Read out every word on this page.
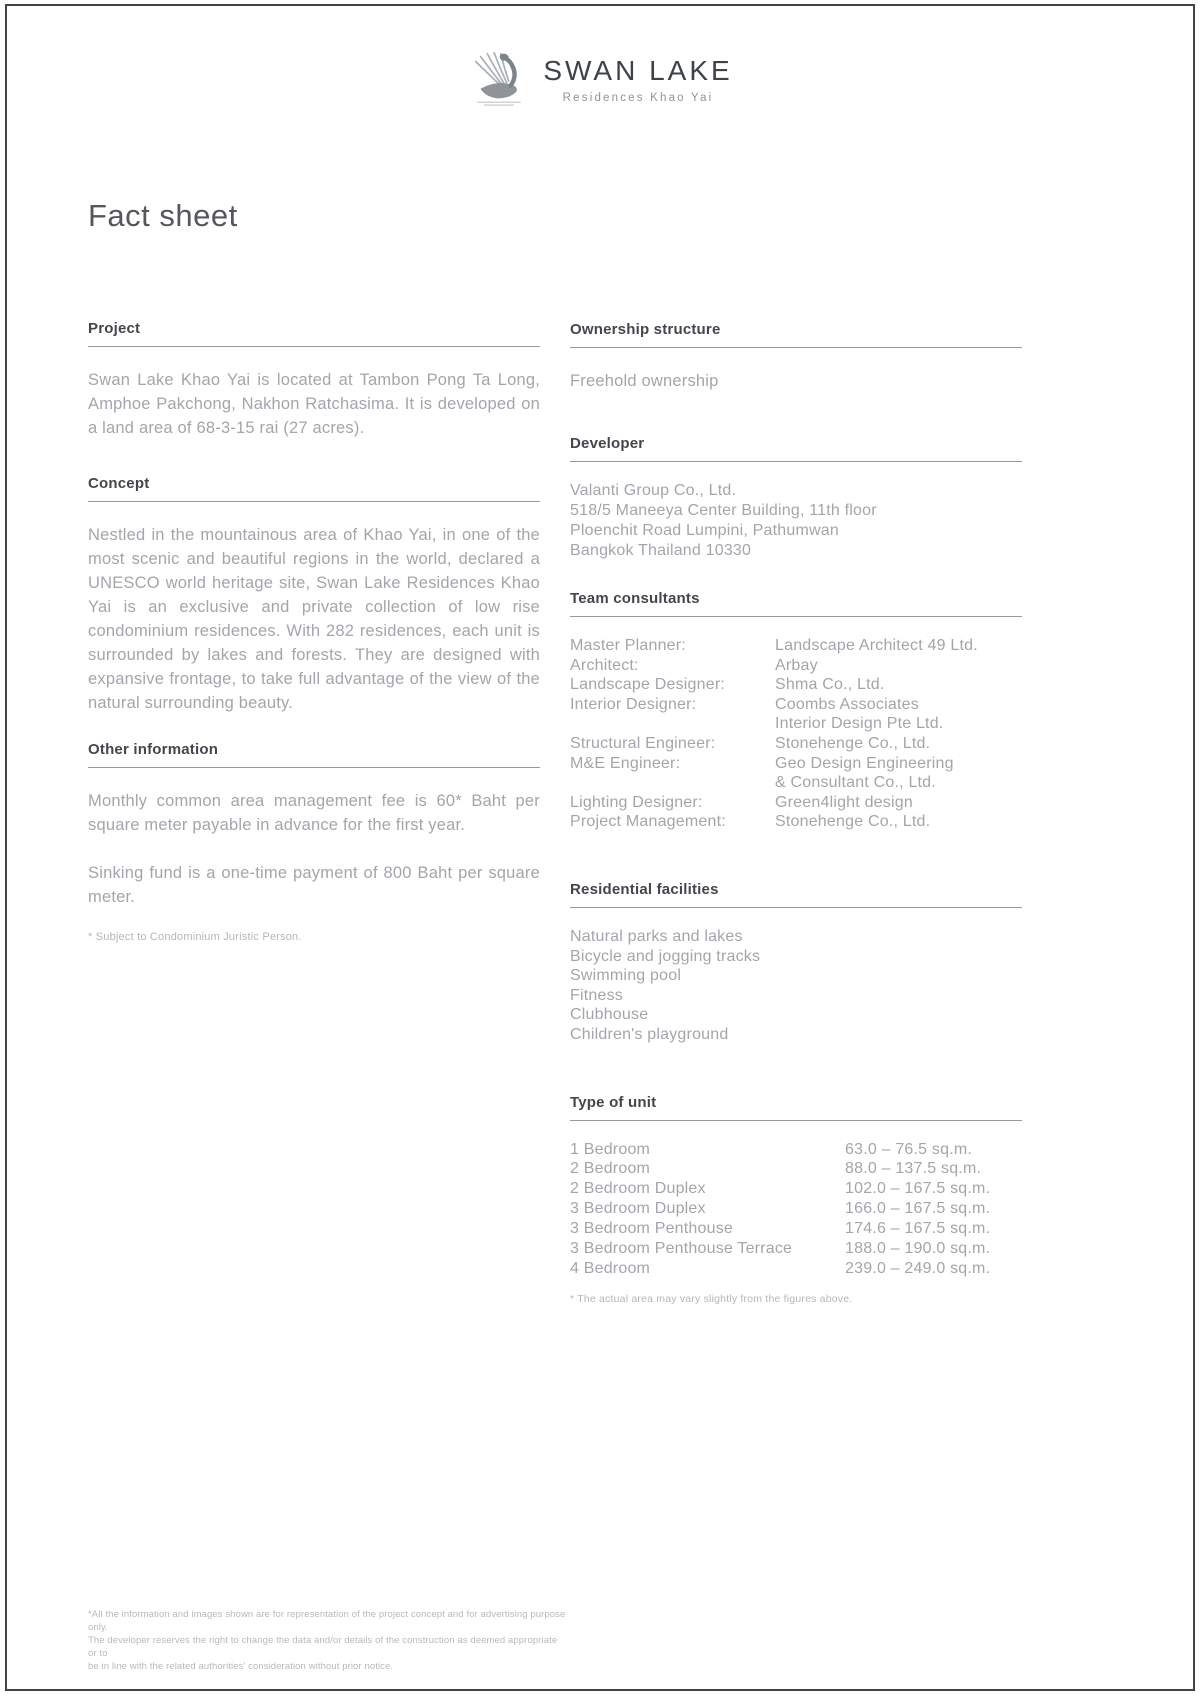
SWAN LAKE
Residences Khao Yai
Fact sheet
Project

Swan Lake Khao Yai is located at Tambon Pong Ta Long, Amphoe Pakchong, Nakhon Ratchasima. It is developed on a land area of 68-3-15 rai (27 acres).

Concept

Nestled in the mountainous area of Khao Yai, in one of the most scenic and beautiful regions in the world, declared a UNESCO world heritage site, Swan Lake Residences Khao Yai is an exclusive and private collection of low rise condominium residences. With 282 residences, each unit is surrounded by lakes and forests. They are designed with expansive frontage, to take full advantage of the view of the natural surrounding beauty.

Other information

Monthly common area management fee is 60* Baht per square meter payable in advance for the first year.

Sinking fund is a one-time payment of 800 Baht per square meter.

* Subject to Condominium Juristic Person.

Ownership structure

Freehold ownership

Developer
Valanti Group Co., Ltd.
518/5 Maneeya Center Building, 11th floor
Ploenchit Road Lumpini, Pathumwan
Bangkok Thailand 10330
Team consultants
Master Planner:	Landscape Architect 49 Ltd.
Architect:	Arbay
Landscape Designer:	Shma Co., Ltd.
Interior Designer:	Coombs Associates
Interior Design Pte Ltd.
Structural Engineer:	Stonehenge Co., Ltd.
M&E Engineer:	Geo Design Engineering
& Consultant Co., Ltd.
Lighting Designer:	Green4light design
Project Management:	Stonehenge Co., Ltd.
Residential facilities
Natural parks and lakes
Bicycle and jogging tracks
Swimming pool
Fitness
Clubhouse
Children's playground
Type of unit
1 Bedroom	63.0 – 76.5 sq.m.
2 Bedroom	88.0 – 137.5 sq.m.
2 Bedroom Duplex	102.0 – 167.5 sq.m.
3 Bedroom Duplex	166.0 – 167.5 sq.m.
3 Bedroom Penthouse	174.6 – 167.5 sq.m.
3 Bedroom Penthouse Terrace	188.0 – 190.0 sq.m.
4 Bedroom	239.0 – 249.0 sq.m.

* The actual area may vary slightly from the figures above.

*All the information and images shown are for representation of the project concept and for advertising purpose only.
The developer reserves the right to change the data and/or details of the construction as deemed appropriate or to
be in line with the related authorities' consideration without prior notice.
